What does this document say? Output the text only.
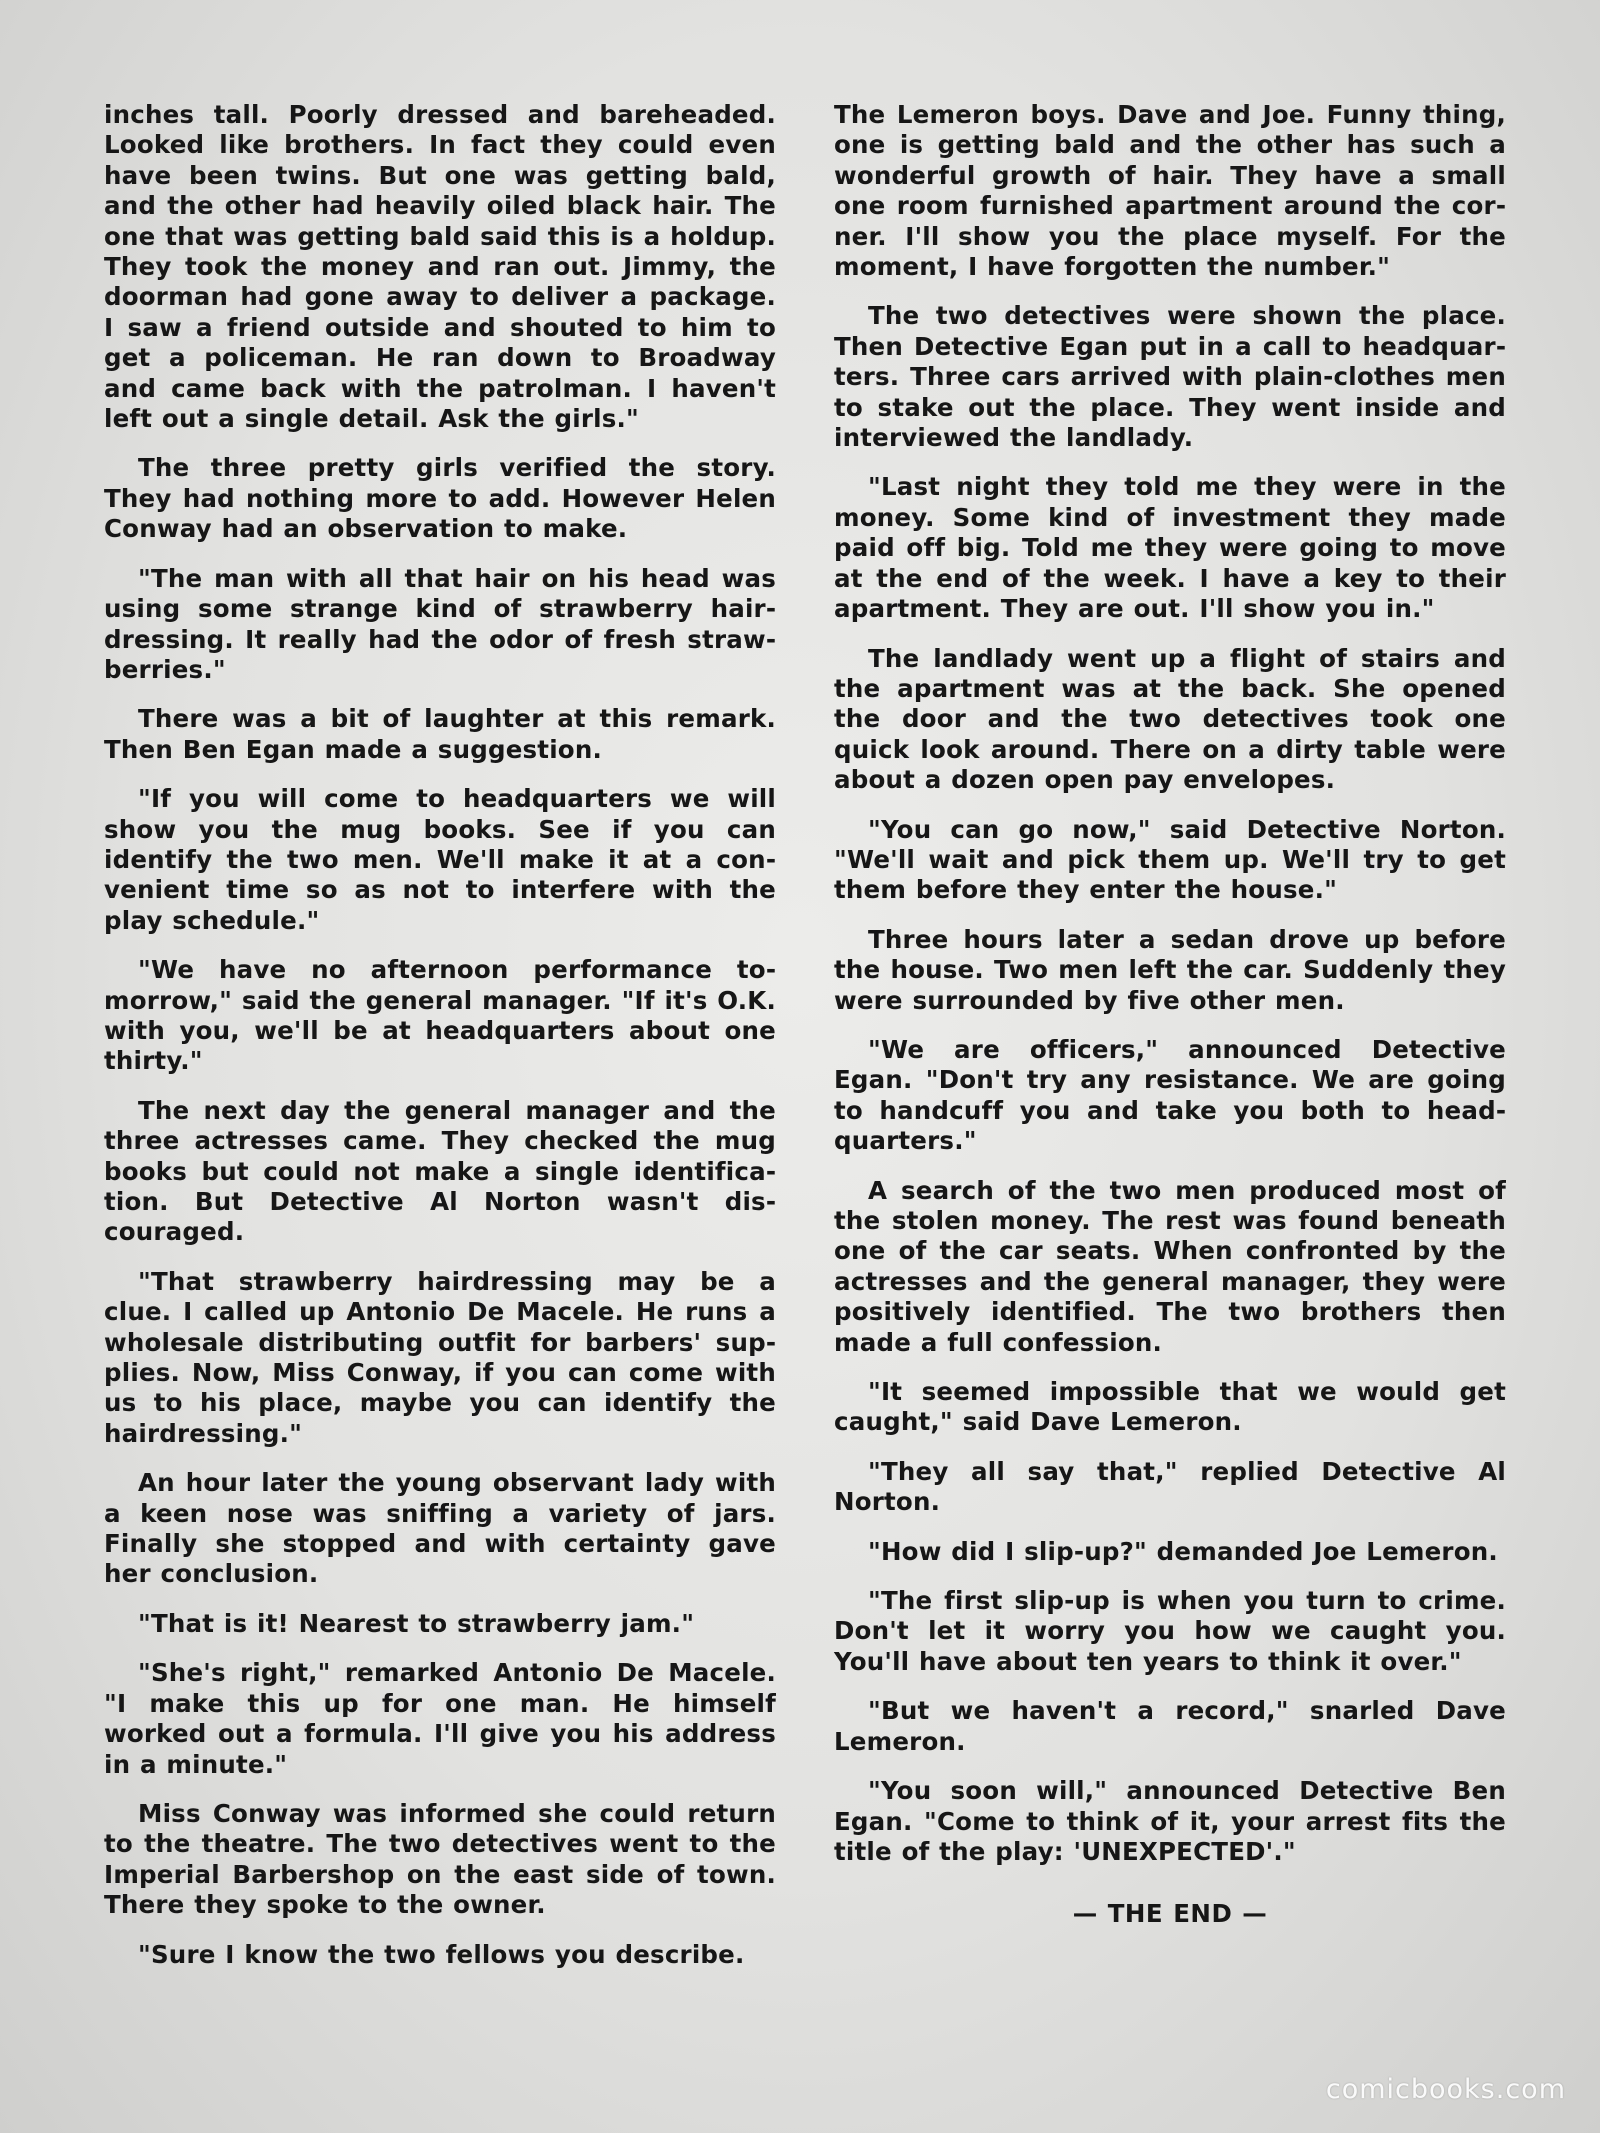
inches tall. Poorly dressed and bareheaded. Looked like brothers. In fact they could even have been twins. But one was getting bald, and the other had heavily oiled black hair. The one that was getting bald said this is a holdup. They took the money and ran out. Jimmy, the doorman had gone away to deliver a package. I saw a friend outside and shouted to him to get a policeman. He ran down to Broadway and came back with the patrolman. I haven't left out a single detail. Ask the girls."

The three pretty girls verified the story. They had nothing more to add. However Helen Conway had an observation to make.

"The man with all that hair on his head was using some strange kind of strawberry hairdressing. It really had the odor of fresh strawberries."

There was a bit of laughter at this remark. Then Ben Egan made a suggestion.

"If you will come to headquarters we will show you the mug books. See if you can identify the two men. We'll make it at a convenient time so as not to interfere with the play schedule."

"We have no afternoon performance tomorrow," said the general manager. "If it's O.K. with you, we'll be at headquarters about one thirty."

The next day the general manager and the three actresses came. They checked the mug books but could not make a single identification. But Detective Al Norton wasn't discouraged.

"That strawberry hairdressing may be a clue. I called up Antonio De Macele. He runs a wholesale distributing outfit for barbers' supplies. Now, Miss Conway, if you can come with us to his place, maybe you can identify the hairdressing."

An hour later the young observant lady with a keen nose was sniffing a variety of jars. Finally she stopped and with certainty gave her conclusion.

"That is it! Nearest to strawberry jam."

"She's right," remarked Antonio De Macele. "I make this up for one man. He himself worked out a formula. I'll give you his address in a minute."

Miss Conway was informed she could return to the theatre. The two detectives went to the Imperial Barbershop on the east side of town. There they spoke to the owner.

"Sure I know the two fellows you describe.

The Lemeron boys. Dave and Joe. Funny thing, one is getting bald and the other has such a wonderful growth of hair. They have a small one room furnished apartment around the corner. I'll show you the place myself. For the moment, I have forgotten the number."

The two detectives were shown the place. Then Detective Egan put in a call to headquarters. Three cars arrived with plain-clothes men to stake out the place. They went inside and interviewed the landlady.

"Last night they told me they were in the money. Some kind of investment they made paid off big. Told me they were going to move at the end of the week. I have a key to their apartment. They are out. I'll show you in."

The landlady went up a flight of stairs and the apartment was at the back. She opened the door and the two detectives took one quick look around. There on a dirty table were about a dozen open pay envelopes.

"You can go now," said Detective Norton. "We'll wait and pick them up. We'll try to get them before they enter the house."

Three hours later a sedan drove up before the house. Two men left the car. Suddenly they were surrounded by five other men.

"We are officers," announced Detective Egan. "Don't try any resistance. We are going to handcuff you and take you both to headquarters."

A search of the two men produced most of the stolen money. The rest was found beneath one of the car seats. When confronted by the actresses and the general manager, they were positively identified. The two brothers then made a full confession.

"It seemed impossible that we would get caught," said Dave Lemeron.

"They all say that," replied Detective Al Norton.

"How did I slip-up?" demanded Joe Lemeron.

"The first slip-up is when you turn to crime. Don't let it worry you how we caught you. You'll have about ten years to think it over."

"But we haven't a record," snarled Dave Lemeron.

"You soon will," announced Detective Ben Egan. "Come to think of it, your arrest fits the title of the play: 'UNEXPECTED'."

— THE END —

comicbooks.com
